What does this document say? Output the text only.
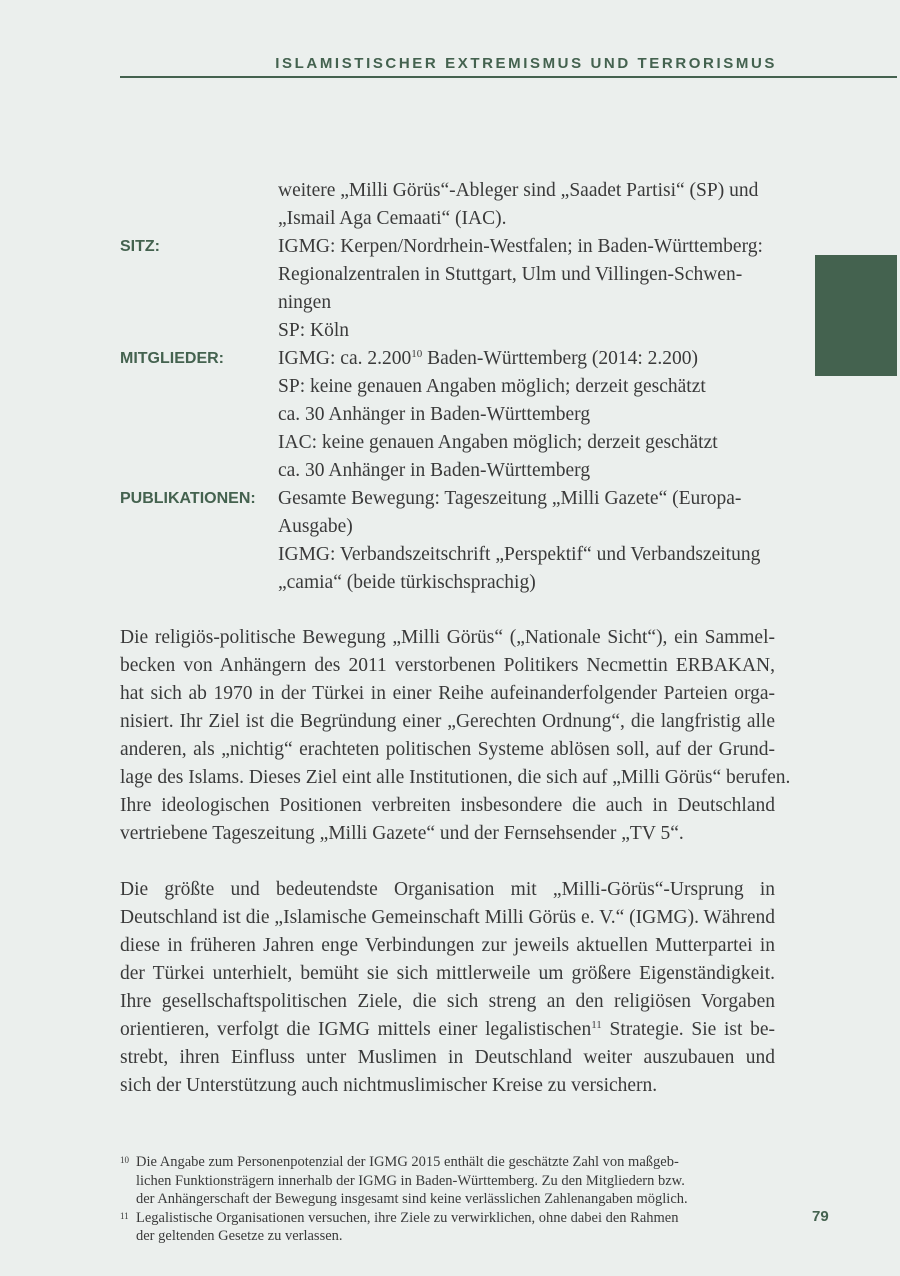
ISLAMISTISCHER EXTREMISMUS UND TERRORISMUS
weitere „Milli Görüs“-Ableger sind „Saadet Partisi“ (SP) und
„Ismail Aga Cemaati“ (IAC).
SITZ:	IGMG: Kerpen/Nordrhein-Westfalen; in Baden-Württemberg:
Regionalzentralen in Stuttgart, Ulm und Villingen-Schwen-
ningen
SP: Köln
MITGLIEDER:	IGMG: ca. 2.200$^{10}$ Baden-Württemberg (2014: 2.200)
SP: keine genauen Angaben möglich; derzeit geschätzt
ca. 30 Anhänger in Baden-Württemberg
IAC: keine genauen Angaben möglich; derzeit geschätzt
ca. 30 Anhänger in Baden-Württemberg
PUBLIKATIONEN:	Gesamte Bewegung: Tageszeitung „Milli Gazete“ (Europa-
Ausgabe)
IGMG: Verbandszeitschrift „Perspektif“ und Verbandszeitung
„camia“ (beide türkischsprachig)
Die religiös-politische Bewegung „Milli Görüs“ („Nationale Sicht“), ein Sammel-
becken von Anhängern des 2011 verstorbenen Politikers Necmettin ERBAKAN,
hat sich ab 1970 in der Türkei in einer Reihe aufeinanderfolgender Parteien orga-
nisiert. Ihr Ziel ist die Begründung einer „Gerechten Ordnung“, die langfristig alle
anderen, als „nichtig“ erachteten politischen Systeme ablösen soll, auf der Grund-
lage des Islams. Dieses Ziel eint alle Institutionen, die sich auf „Milli Görüs“ berufen.
Ihre ideologischen Positionen verbreiten insbesondere die auch in Deutschland
vertriebene Tageszeitung „Milli Gazete“ und der Fernsehsender „TV 5“.
Die größte und bedeutendste Organisation mit „Milli-Görüs“-Ursprung in
Deutschland ist die „Islamische Gemeinschaft Milli Görüs e. V.“ (IGMG). Während
diese in früheren Jahren enge Verbindungen zur jeweils aktuellen Mutterpartei in
der Türkei unterhielt, bemüht sie sich mittlerweile um größere Eigenständigkeit.
Ihre gesellschaftspolitischen Ziele, die sich streng an den religiösen Vorgaben
orientieren, verfolgt die IGMG mittels einer legalistischen$^{11}$ Strategie. Sie ist be-
strebt, ihren Einfluss unter Muslimen in Deutschland weiter auszubauen und
sich der Unterstützung auch nichtmuslimischer Kreise zu versichern.
10 Die Angabe zum Personenpotenzial der IGMG 2015 enthält die geschätzte Zahl von maßgeb-
lichen Funktionsträgern innerhalb der IGMG in Baden-Württemberg. Zu den Mitgliedern bzw.
der Anhängerschaft der Bewegung insgesamt sind keine verlässlichen Zahlenangaben möglich.
11 Legalistische Organisationen versuchen, ihre Ziele zu verwirklichen, ohne dabei den Rahmen
der geltenden Gesetze zu verlassen.
79
